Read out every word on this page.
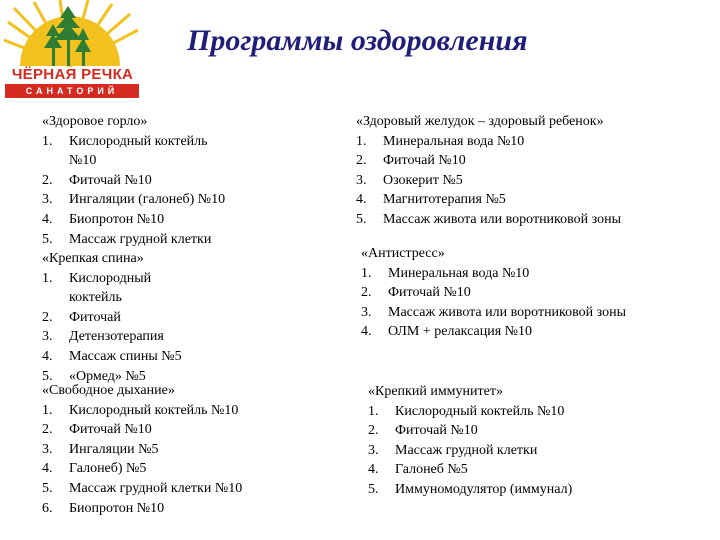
ЧЁРНАЯ РЕЧКА
САНАТОРИЙ
Программы оздоровления
«Здоровое горло»
1.	Кислородный коктейль №10
2.	Фиточай №10
3.	Ингаляции (галонеб) №10
4.	Биопротон №10
5.	Массаж грудной клетки
«Крепкая спина»
1.	Кислородный коктейль
2.	Фиточай
3.	Детензотерапия
4.	Массаж спины №5
5.	«Ормед» №5
«Свободное дыхание»
1.	Кислородный коктейль №10
2.	Фиточай №10
3.	Ингаляции №5
4.	Галонеб) №5
5.	Массаж грудной клетки №10
6.	Биопротон №10
«Здоровый желудок – здоровый ребенок»
1.	Минеральная вода №10
2.	Фиточай №10
3.	Озокерит №5
4.	Магнитотерапия №5
5.	Массаж живота или воротниковой зоны
«Антистресс»
1.	Минеральная вода №10
2.	Фиточай №10
3.	Массаж живота или воротниковой зоны
4.	ОЛМ + релаксация №10
«Крепкий иммунитет»
1.	Кислородный коктейль №10
2.	Фиточай №10
3.	Массаж грудной клетки
4.	Галонеб №5
5.	Иммуномодулятор (иммунал)
